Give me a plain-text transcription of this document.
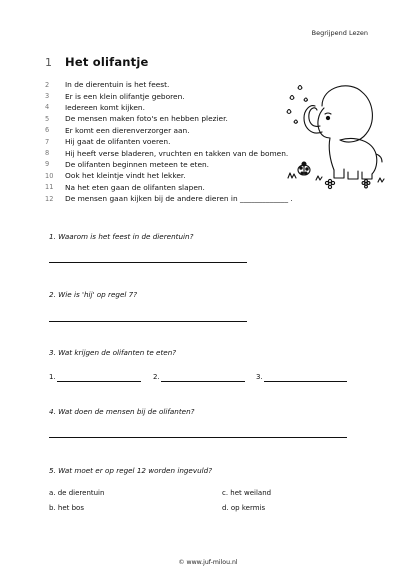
Begrijpend Lezen
1	Het olifantje
2	In de dierentuin is het feest.
3	Er is een klein olifantje geboren.
4	Iedereen komt kijken.
5	De mensen maken foto's en hebben plezier.
6	Er komt een dierenverzorger aan.
7	Hij gaat de olifanten voeren.
8	Hij heeft verse bladeren, vruchten en takken van de bomen.
9	De olifanten beginnen meteen te eten.
10	Ook het kleintje vindt het lekker.
11	Na het eten gaan de olifanten slapen.
12	De mensen gaan kijken bij de andere dieren in _____________ .
1. Waarom is het feest in de dierentuin?
2. Wie is 'hij' op regel 7?
3. Wat krijgen de olifanten te eten?
1.	2.	3.
4. Wat doen de mensen bij de olifanten?
5. Wat moet er op regel 12 worden ingevuld?
a. de dierentuin	c. het weiland
b. het bos	d. op kermis
© www.juf-milou.nl
